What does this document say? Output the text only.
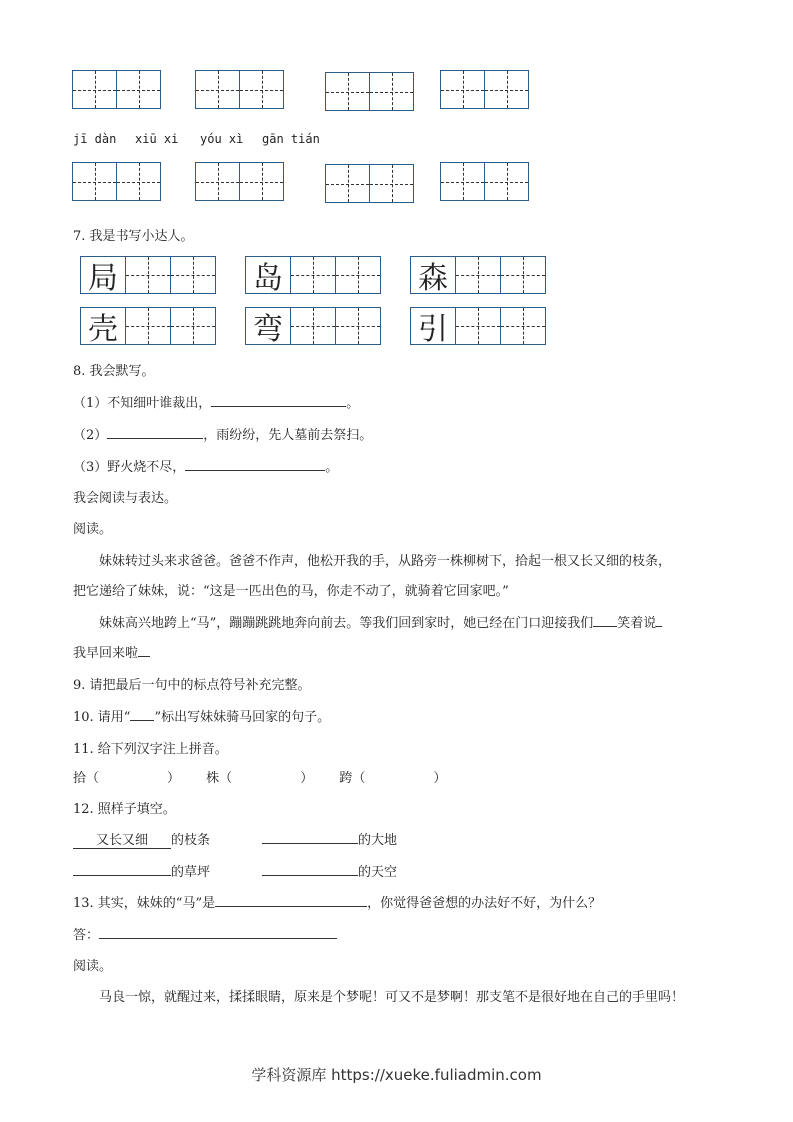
jī dàn xiū xi yóu xì gān tián
7. 我是书写小达人。
局	岛	森
壳	弯	引
8. 我会默写。
（1）不知细叶谁裁出，	。
（2）	，雨纷纷，先人墓前去祭扫。
（3）野火烧不尽，	。
我会阅读与表达。
阅读。
妹妹转过头来求爸爸。爸爸不作声，他松开我的手，从路旁一株柳树下，拾起一根又长又细的枝条，
把它递给了妹妹，说：“这是一匹出色的马，你走不动了，就骑着它回家吧。”
妹妹高兴地跨上“马”，蹦蹦跳跳地奔向前去。等我们回到家时，她已经在门口迎接我们 笑着说
我早回来啦
9. 请把最后一句中的标点符号补充完整。
10. 请用“ ”标出写妹妹骑马回家的句子。
11. 给下列汉字注上拼音。
拾（	） 株（	） 跨（	）
12. 照样子填空。
又长又细 的枝条	的大地
的草坪	的天空
13. 其实，妹妹的“马”是	，你觉得爸爸想的办法好不好，为什么？
答：
阅读。
马良一惊，就醒过来，揉揉眼睛，原来是个梦呢！可又不是梦啊！那支笔不是很好地在自己的手里吗！
学科资源库 https://xueke.fuliadmin.com
